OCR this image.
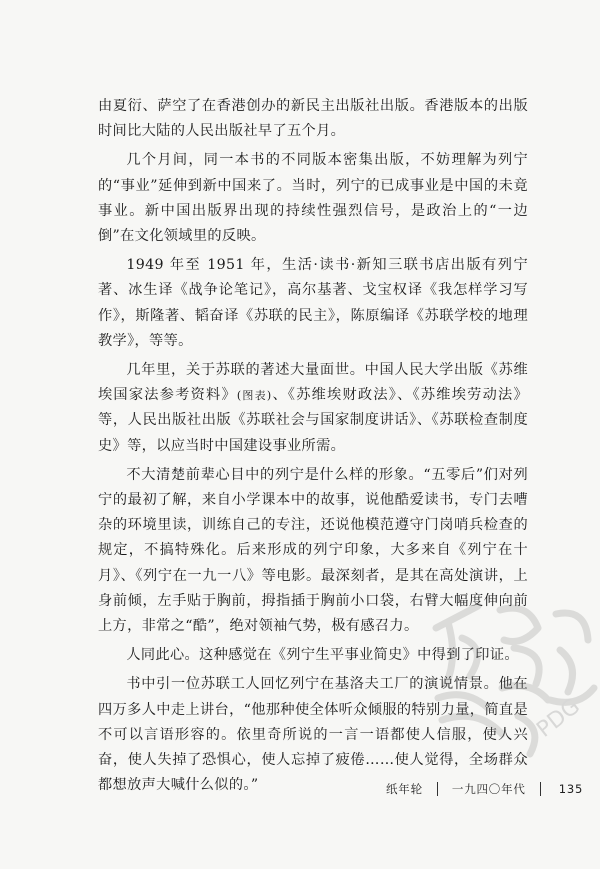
由夏衍、萨空了在香港创办的新民主出版社出版。香港版本的出版时间比大陆的人民出版社早了五个月。

几个月间，同一本书的不同版本密集出版，不妨理解为列宁的“事业”延伸到新中国来了。当时，列宁的已成事业是中国的未竟事业。新中国出版界出现的持续性强烈信号，是政治上的“一边倒”在文化领域里的反映。

1949 年至 1951 年，生活·读书·新知三联书店出版有列宁著、冰生译《战争论笔记》，高尔基著、戈宝权译《我怎样学习写作》，斯隆著、韬奋译《苏联的民主》，陈原编译《苏联学校的地理教学》，等等。

几年里，关于苏联的著述大量面世。中国人民大学出版《苏维埃国家法参考资料》(图表)、《苏维埃财政法》、《苏维埃劳动法》等，人民出版社出版《苏联社会与国家制度讲话》、《苏联检查制度史》等，以应当时中国建设事业所需。

不大清楚前辈心目中的列宁是什么样的形象。“五零后”们对列宁的最初了解，来自小学课本中的故事，说他酷爱读书，专门去嘈杂的环境里读，训练自己的专注，还说他模范遵守门岗哨兵检查的规定，不搞特殊化。后来形成的列宁印象，大多来自《列宁在十月》、《列宁在一九一八》等电影。最深刻者，是其在高处演讲，上身前倾，左手贴于胸前，拇指插于胸前小口袋，右臂大幅度伸向前上方，非常之“酷”，绝对领袖气势，极有感召力。

人同此心。这种感觉在《列宁生平事业简史》中得到了印证。

书中引一位苏联工人回忆列宁在基洛夫工厂的演说情景。他在四万多人中走上讲台，“他那种使全体听众倾服的特别力量，简直是不可以言语形容的。依里奇所说的一言一语都使人信服，使人兴奋，使人失掉了恐惧心，使人忘掉了疲倦……使人觉得，全场群众都想放声大喊什么似的。”	纸年轮	一九四〇年代	135
PDG
